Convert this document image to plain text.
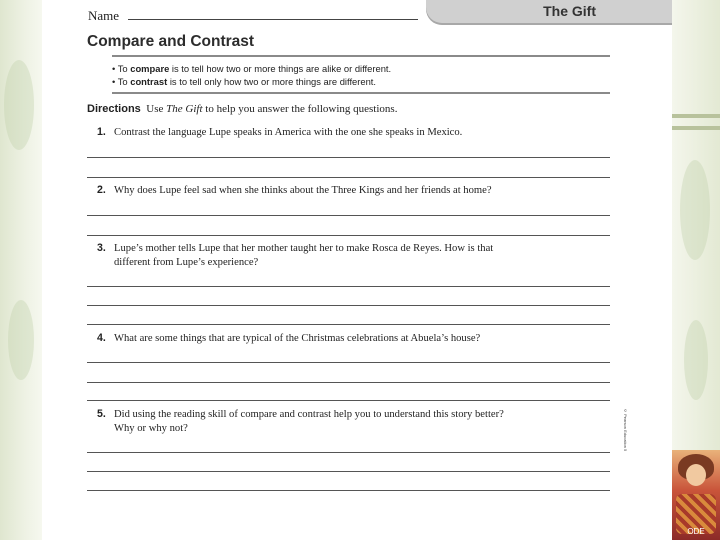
Name	The Gift
Compare and Contrast
• To compare is to tell how two or more things are alike or different.
• To contrast is to tell only how two or more things are different.
Directions Use The Gift to help you answer the following questions.
1. Contrast the language Lupe speaks in America with the one she speaks in Mexico.
2. Why does Lupe feel sad when she thinks about the Three Kings and her friends at home?
3. Lupe’s mother tells Lupe that her mother taught her to make Rosca de Reyes. How is that
different from Lupe’s experience?
4. What are some things that are typical of the Christmas celebrations at Abuela’s house?
5. Did using the reading skill of compare and contrast help you to understand this story better?
Why or why not?	© Pearson Education 5
ODE
